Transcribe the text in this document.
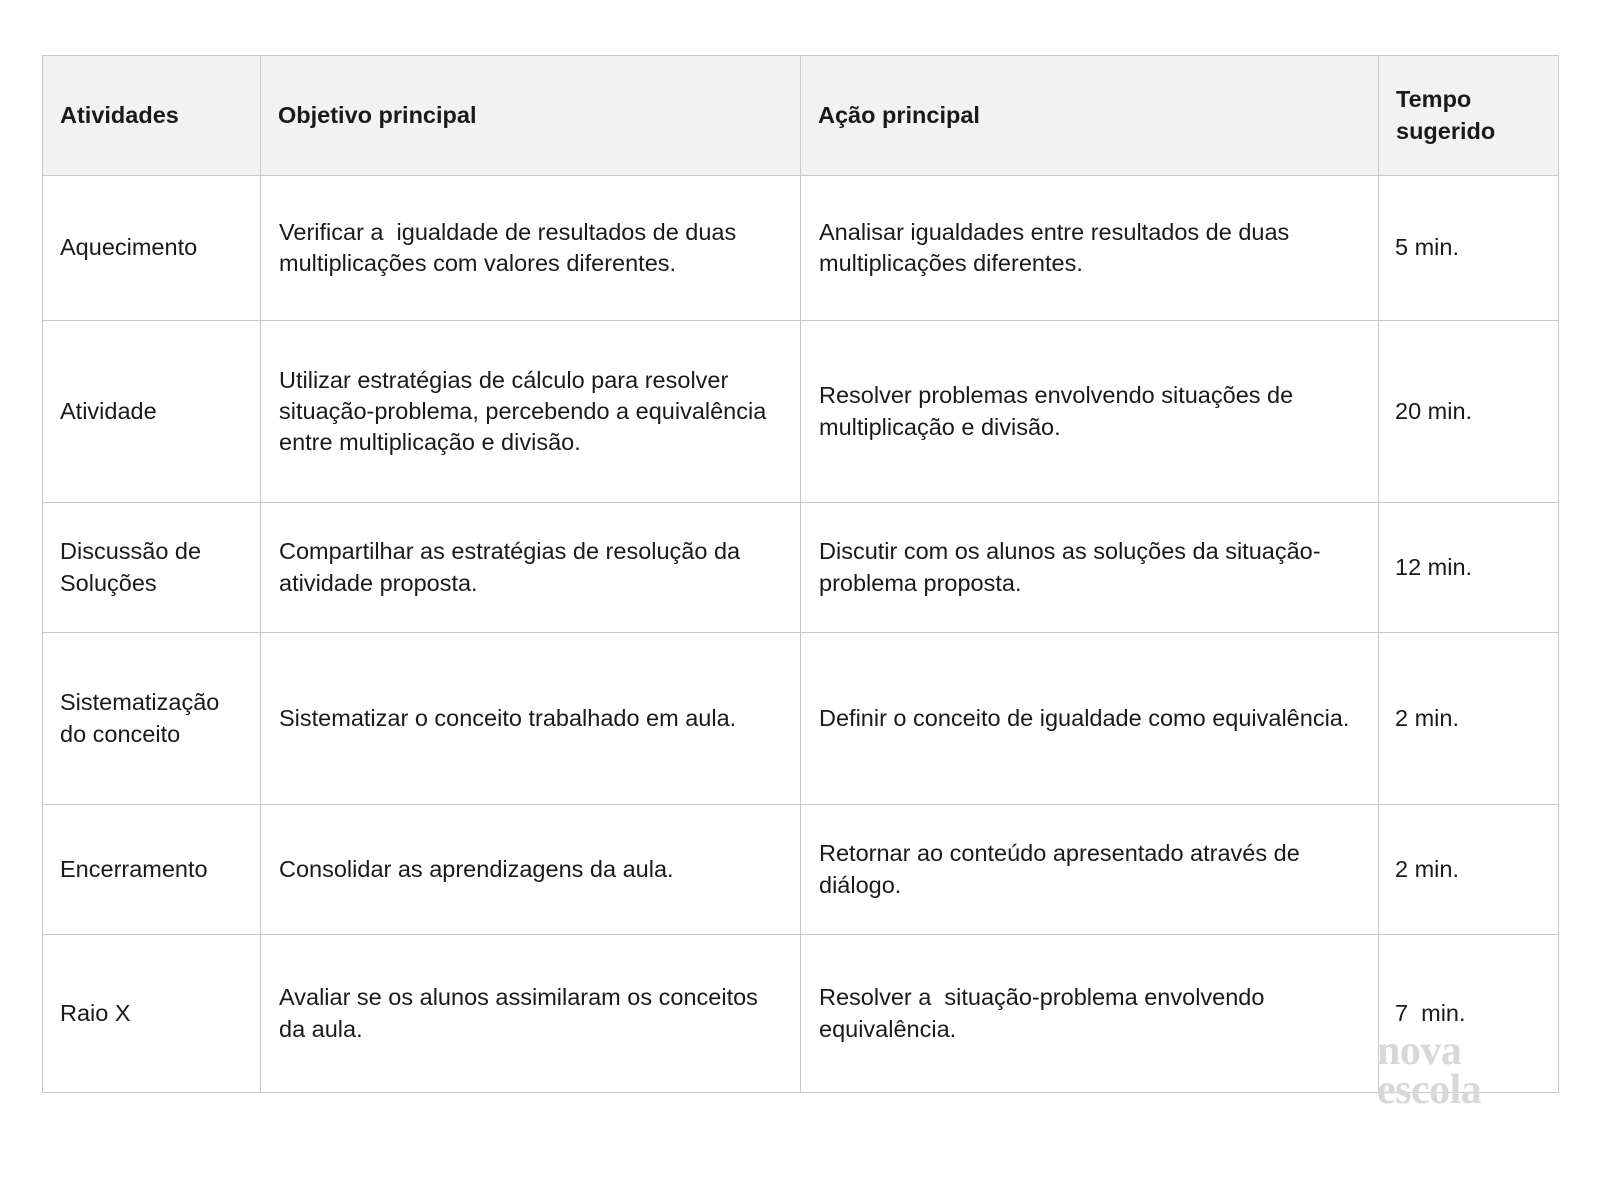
Atividades	Objetivo principal	Ação principal	Tempo sugerido
Aquecimento	Verificar a  igualdade de resultados de duas multiplicações com valores diferentes.	Analisar igualdades entre resultados de duas multiplicações diferentes.	5 min.
Atividade	Utilizar estratégias de cálculo para resolver situação-problema, percebendo a equivalência entre multiplicação e divisão.	Resolver problemas envolvendo situações de multiplicação e divisão.	20 min.
Discussão de Soluções	Compartilhar as estratégias de resolução da atividade proposta.	Discutir com os alunos as soluções da situação-problema proposta.	12 min.
Sistematização do conceito	Sistematizar o conceito trabalhado em aula.	Definir o conceito de igualdade como equivalência.	2 min.
Encerramento	Consolidar as aprendizagens da aula.	Retornar ao conteúdo apresentado através de diálogo.	2 min.
Raio X	Avaliar se os alunos assimilaram os conceitos da aula.	Resolver a  situação-problema envolvendo equivalência.	7  min.
nova
escola
